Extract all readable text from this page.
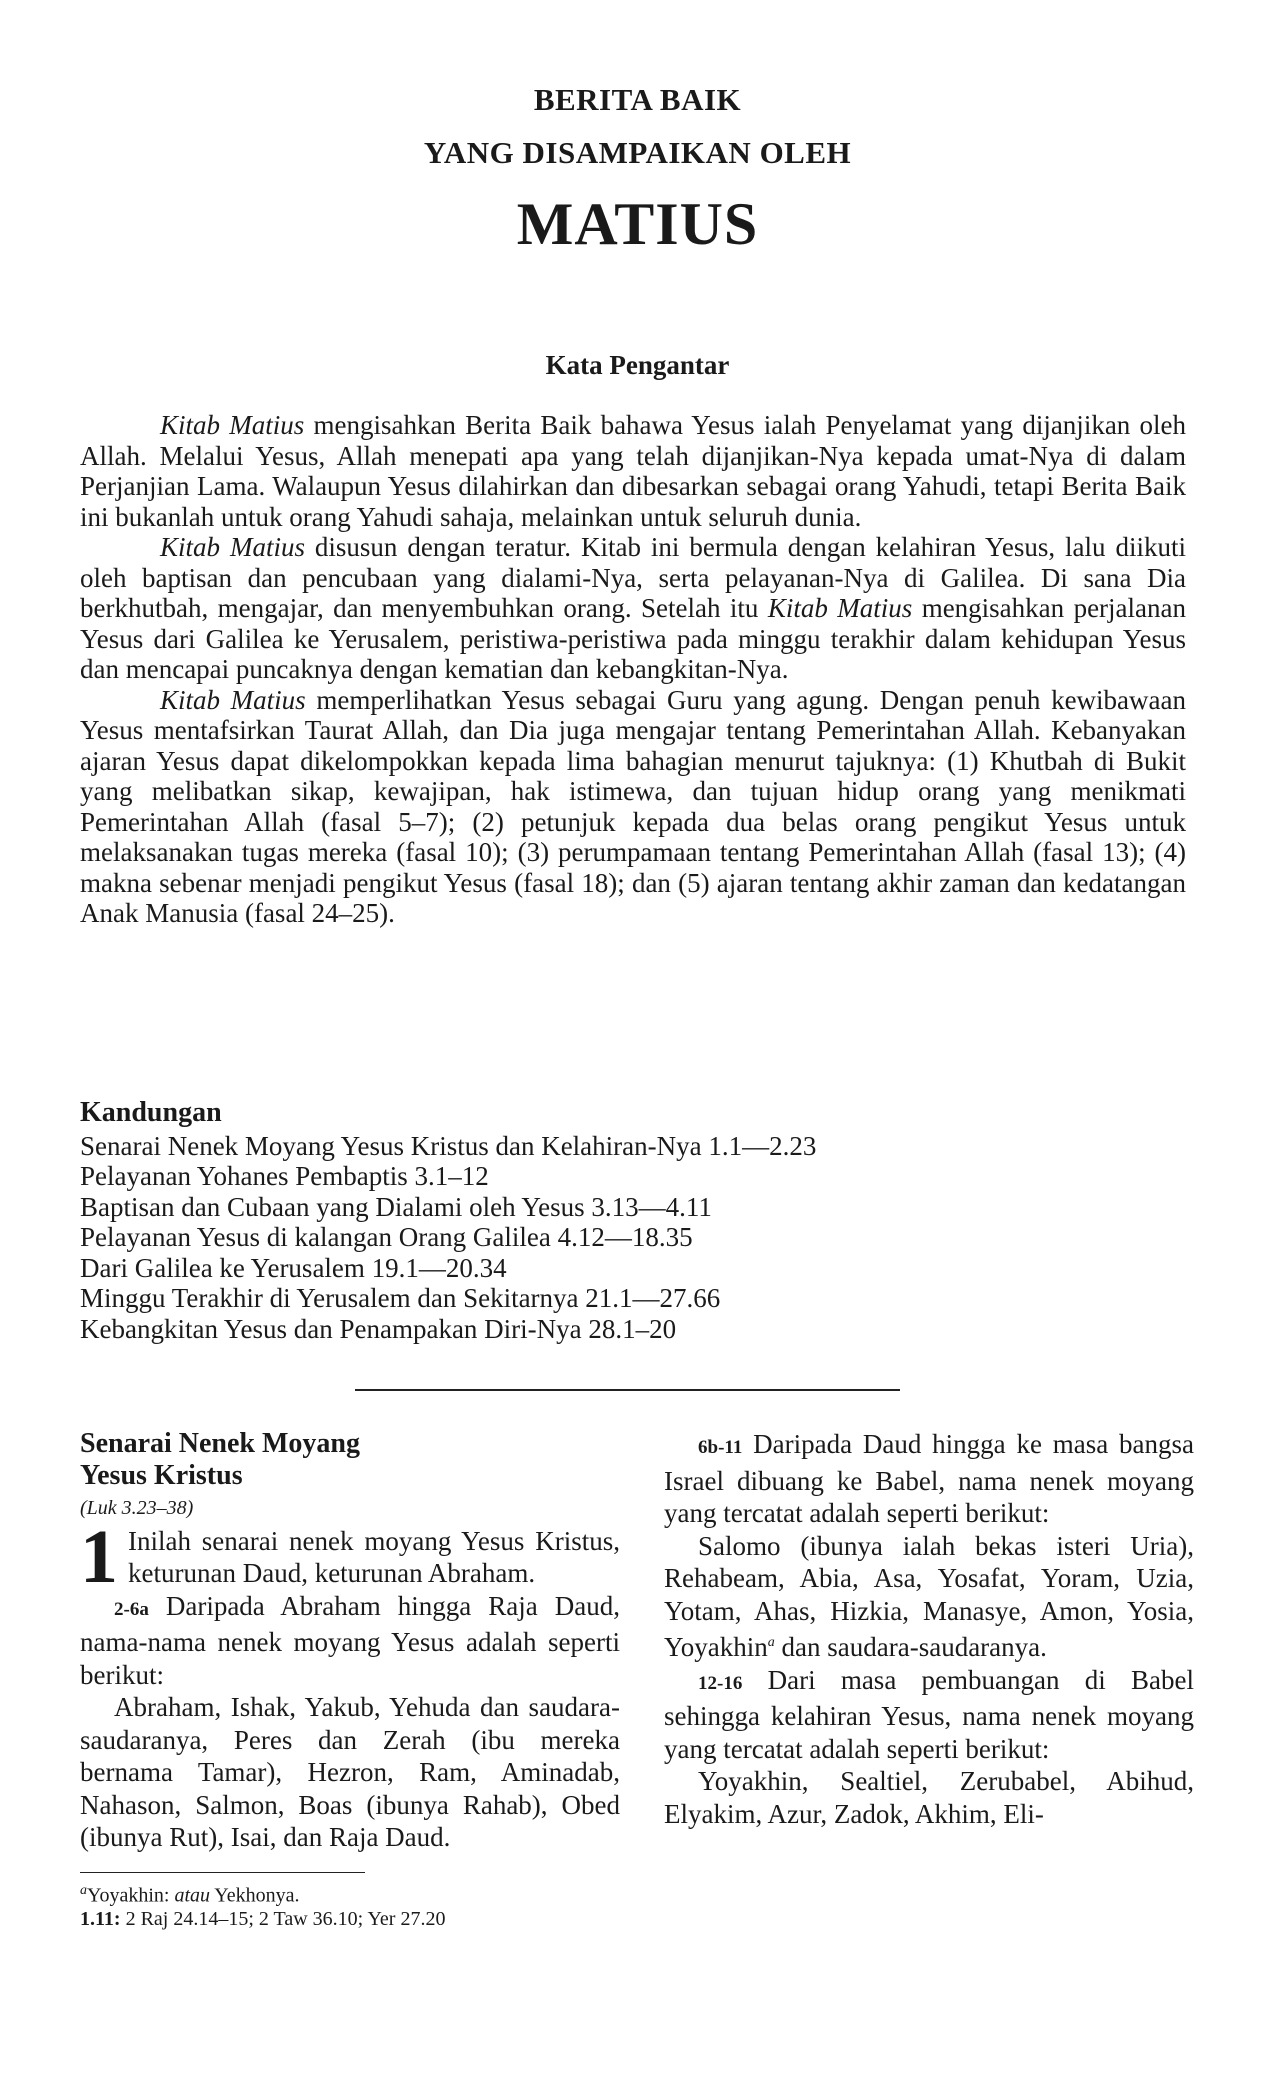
BERITA BAIK
YANG DISAMPAIKAN OLEH
MATIUS
Kata Pengantar

Kitab Matius mengisahkan Berita Baik bahawa Yesus ialah Penyelamat yang dijanjikan oleh Allah. Melalui Yesus, Allah menepati apa yang telah dijanjikan-Nya kepada umat-Nya di dalam Perjanjian Lama. Walaupun Yesus dilahirkan dan dibesarkan sebagai orang Yahudi, tetapi Berita Baik ini bukanlah untuk orang Yahudi sahaja, melainkan untuk seluruh dunia.

Kitab Matius disusun dengan teratur. Kitab ini bermula dengan kelahiran Yesus, lalu diikuti oleh baptisan dan pencubaan yang dialami-Nya, serta pelayanan-Nya di Galilea. Di sana Dia berkhutbah, mengajar, dan menyembuhkan orang. Setelah itu Kitab Matius mengisahkan perjalanan Yesus dari Galilea ke Yerusalem, peristiwa-peristiwa pada minggu terakhir dalam kehidupan Yesus dan mencapai puncaknya dengan kematian dan kebangkitan-Nya.

Kitab Matius memperlihatkan Yesus sebagai Guru yang agung. Dengan penuh kewibawaan Yesus mentafsirkan Taurat Allah, dan Dia juga mengajar tentang Pemerintahan Allah. Kebanyakan ajaran Yesus dapat dikelompokkan kepada lima bahagian menurut tajuknya: (1) Khutbah di Bukit yang melibatkan sikap, kewajipan, hak istimewa, dan tujuan hidup orang yang menikmati Pemerintahan Allah (fasal 5–7); (2) petunjuk kepada dua belas orang pengikut Yesus untuk melaksanakan tugas mereka (fasal 10); (3) perumpamaan tentang Pemerintahan Allah (fasal 13); (4) makna sebenar menjadi pengikut Yesus (fasal 18); dan (5) ajaran tentang akhir zaman dan kedatangan Anak Manusia (fasal 24–25).

Kandungan
Senarai Nenek Moyang Yesus Kristus dan Kelahiran-Nya 1.1—2.23
Pelayanan Yohanes Pembaptis 3.1–12
Baptisan dan Cubaan yang Dialami oleh Yesus 3.13—4.11
Pelayanan Yesus di kalangan Orang Galilea 4.12—18.35
Dari Galilea ke Yerusalem 19.1—20.34
Minggu Terakhir di Yerusalem dan Sekitarnya 21.1—27.66
Kebangkitan Yesus dan Penampakan Diri-Nya 28.1–20

Senarai Nenek Moyang

Yesus Kristus

(Luk 3.23–38)

1 Inilah senarai nenek moyang Yesus Kristus, keturunan Daud, keturunan Abraham.

2-6a Daripada Abraham hingga Raja Daud, nama-nama nenek moyang Yesus adalah seperti berikut:

Abraham, Ishak, Yakub, Yehuda dan saudara-saudaranya, Peres dan Zerah (ibu mereka bernama Tamar), Hezron, Ram, Aminadab, Nahason, Salmon, Boas (ibunya Rahab), Obed (ibunya Rut), Isai, dan Raja Daud.

$^a$Yoyakhin: atau Yekhonya.
1.11: 2 Raj 24.14–15; 2 Taw 36.10; Yer 27.20

6b-11 Daripada Daud hingga ke masa bangsa Israel dibuang ke Babel, nama nenek moyang yang tercatat adalah seperti berikut:

Salomo (ibunya ialah bekas isteri Uria), Rehabeam, Abia, Asa, Yosafat, Yoram, Uzia, Yotam, Ahas, Hizkia, Manasye, Amon, Yosia, Yoyakhin$^a$ dan saudara-saudaranya.

12-16 Dari masa pembuangan di Babel sehingga kelahiran Yesus, nama nenek moyang yang tercatat adalah seperti berikut:

Yoyakhin, Sealtiel, Zerubabel, Abihud, Elyakim, Azur, Zadok, Akhim, Eli-
